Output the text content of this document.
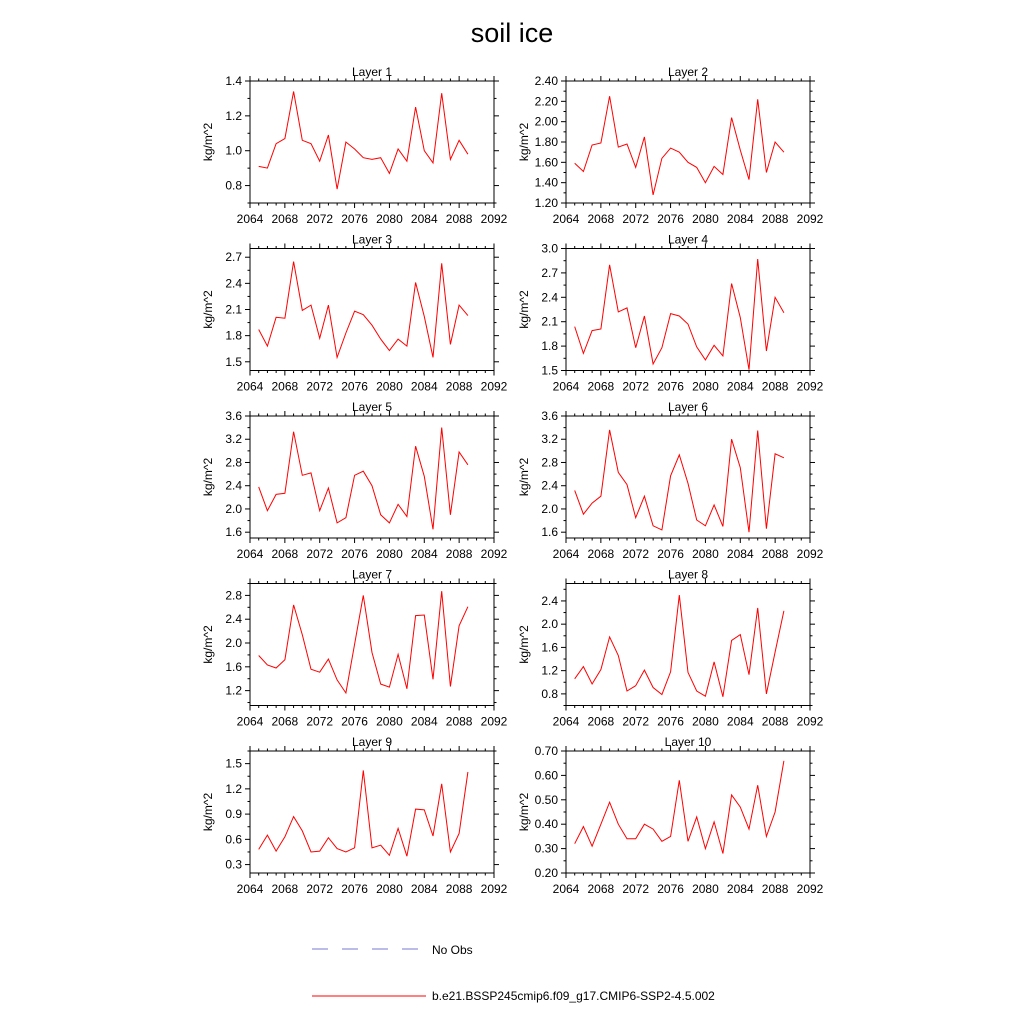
soil ice
Layer 1
kg/m^2
2064 2068 2072 2076 2080 2084 2088 2092
0.8
1.0
1.2
1.4
Layer 2
kg/m^2
2064 2068 2072 2076 2080 2084 2088 2092
1.20
1.40
1.60
1.80
2.00
2.20
2.40
Layer 3
kg/m^2
2064 2068 2072 2076 2080 2084 2088 2092
1.5
1.8
2.1
2.4
2.7
Layer 4
kg/m^2
2064 2068 2072 2076 2080 2084 2088 2092
1.5
1.8
2.1
2.4
2.7
3.0
Layer 5
kg/m^2
2064 2068 2072 2076 2080 2084 2088 2092
1.6
2.0
2.4
2.8
3.2
3.6
Layer 6
kg/m^2
2064 2068 2072 2076 2080 2084 2088 2092
1.6
2.0
2.4
2.8
3.2
3.6
Layer 7
kg/m^2
2064 2068 2072 2076 2080 2084 2088 2092
1.2
1.6
2.0
2.4
2.8
Layer 8
kg/m^2
2064 2068 2072 2076 2080 2084 2088 2092
0.8
1.2
1.6
2.0
2.4
Layer 9
kg/m^2
2064 2068 2072 2076 2080 2084 2088 2092
0.3
0.6
0.9
1.2
1.5
Layer 10
kg/m^2
2064 2068 2072 2076 2080 2084 2088 2092
0.20
0.30
0.40
0.50
0.60
0.70
No Obs
b.e21.BSSP245cmip6.f09_g17.CMIP6-SSP2-4.5.002
